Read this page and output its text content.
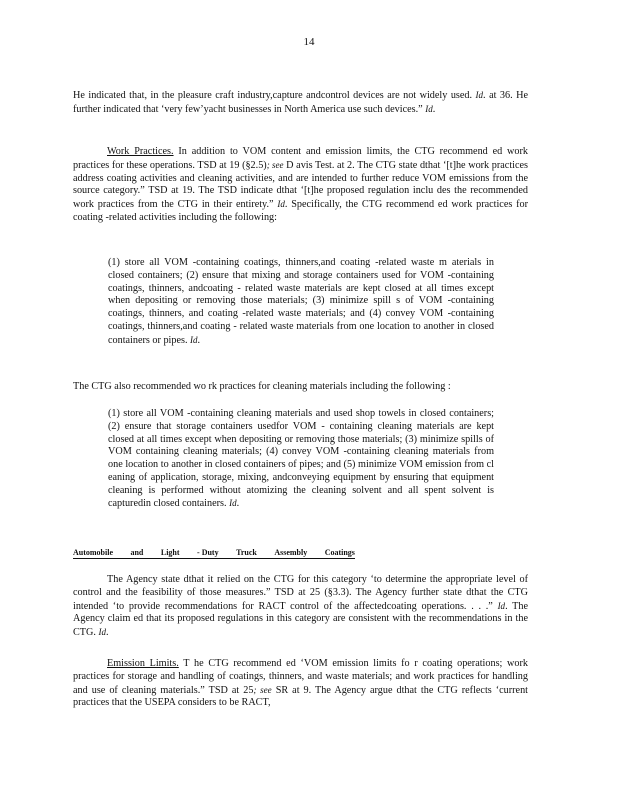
14

He indicated that, in the pleasure craft industry,capture andcontrol devices are not widely used. Id. at 36. He further indicated that ‘very few’yacht businesses in North America use such devices.” Id.

Work Practices. In addition to VOM content and emission limits, the CTG recommend ed work practices for these operations. TSD at 19 (§2.5); see D avis Test. at 2. The CTG state dthat ‘[t]he work practices address coating activities and cleaning activities, and are intended to further reduce VOM emissions from the source category.” TSD at 19. The TSD indicate dthat ‘[t]he proposed regulation inclu des the recommended work practices from the CTG in their entirety.” Id. Specifically, the CTG recommend ed work practices for coating -related activities including the following:

(1) store all VOM -containing coatings, thinners,and coating -related waste m aterials in closed containers; (2) ensure that mixing and storage containers used for VOM -containing coatings, thinners, andcoating - related waste materials are kept closed at all times except when depositing or removing those materials; (3) minimize spill s of VOM -containing coatings, thinners, and coating -related waste materials; and (4) convey VOM -containing coatings, thinners,and coating - related waste materials from one location to another in closed containers or pipes. Id.

The CTG also recommended wo rk practices for cleaning materials including the following :

(1) store all VOM -containing cleaning materials and used shop towels in closed containers; (2) ensure that storage containers usedfor VOM - containing cleaning materials are kept closed at all times except when depositing or removing those materials; (3) minimize spills of VOM containing cleaning materials; (4) convey VOM -containing cleaning materials from one location to another in closed containers of pipes; and (5) minimize VOM emission from cl eaning of application, storage, mixing, andconveying equipment by ensuring that equipment cleaning is performed without atomizing the cleaning solvent and all spent solvent is capturedin closed containers. Id.

Automobile and Light - Duty Truck Assembly Coatings

The Agency state dthat it relied on the CTG for this category ‘to determine the appropriate level of control and the feasibility of those measures.” TSD at 25 (§3.3). The Agency further state dthat the CTG intended ‘to provide recommendations for RACT control of the affectedcoating operations. . . .” Id. The Agency claim ed that its proposed regulations in this category are consistent with the recommendations in the CTG. Id.

Emission Limits. T he CTG recommend ed ‘VOM emission limits fo r coating operations; work practices for storage and handling of coatings, thinners, and waste materials; and work practices for handling and use of cleaning materials.” TSD at 25; see SR at 9. The Agency argue dthat the CTG reflects ‘current practices that the USEPA considers to be RACT,
